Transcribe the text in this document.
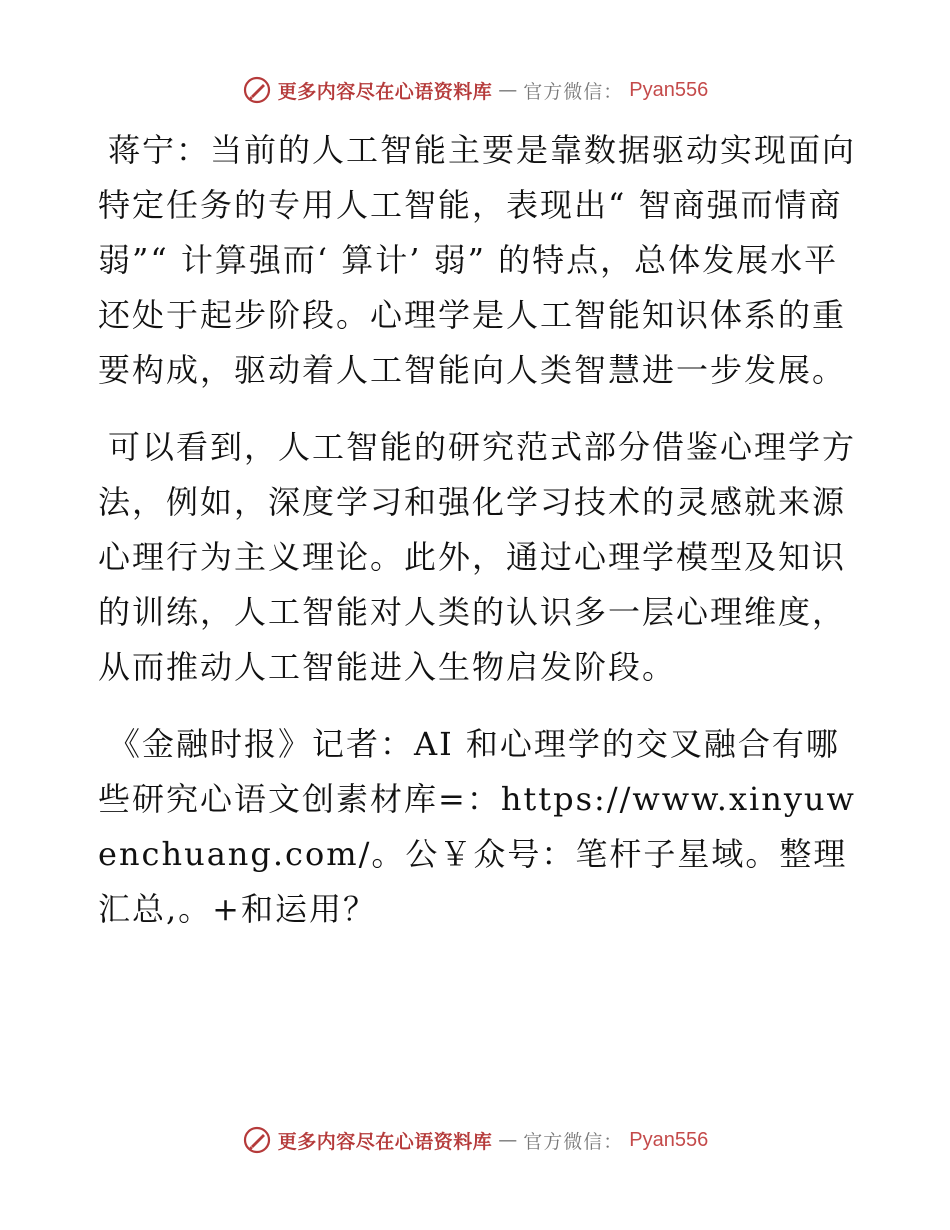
更多内容尽在心语资料库 — 官方微信： Pyan556

蒋宁：当前的人工智能主要是靠数据驱动实现面向特定任务的专用人工智能，表现出“ 智商强而情商弱”“ 计算强而‘ 算计’ 弱” 的特点，总体发展水平还处于起步阶段。心理学是人工智能知识体系的重要构成，驱动着人工智能向人类智慧进一步发展。

可以看到，人工智能的研究范式部分借鉴心理学方法，例如，深度学习和强化学习技术的灵感就来源心理行为主义理论。此外，通过心理学模型及知识的训练，人工智能对人类的认识多一层心理维度，从而推动人工智能进入生物启发阶段。

《金融时报》记者：AI 和心理学的交叉融合有哪些研究心语文创素材库=：https://www.xinyuwenchuang.com/。公￥众号：笔杆子星域。整理汇总,。+和运用？

更多内容尽在心语资料库 — 官方微信： Pyan556
